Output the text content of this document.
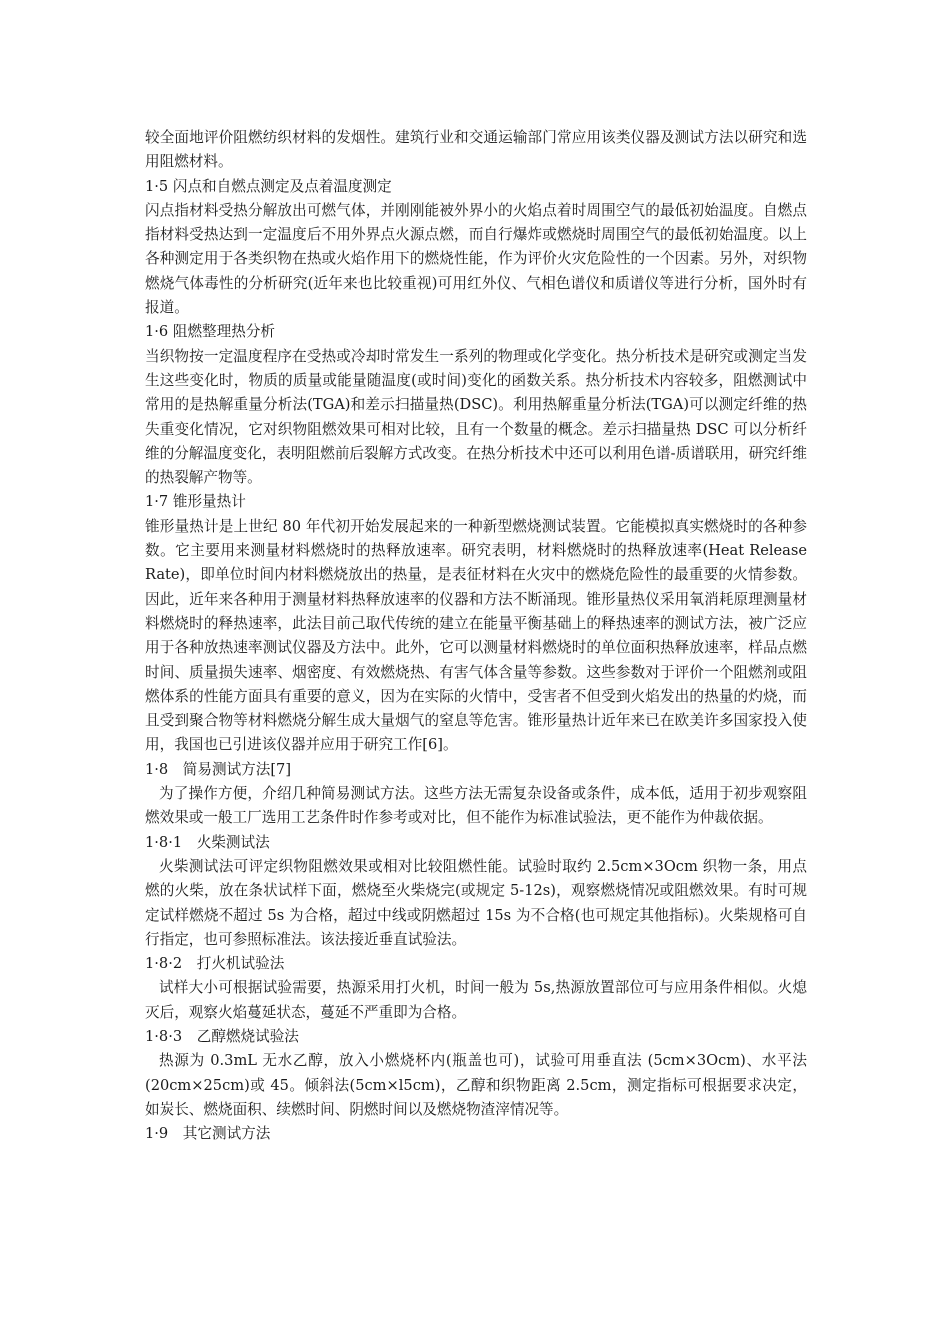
较全面地评价阻燃纺织材料的发烟性。建筑行业和交通运输部门常应用该类仪器及测试方法以研究和选用阻燃材料。

1·5 闪点和自燃点测定及点着温度测定

闪点指材料受热分解放出可燃气体，并刚刚能被外界小的火焰点着时周围空气的最低初始温度。自燃点指材料受热达到一定温度后不用外界点火源点燃，而自行爆炸或燃烧时周围空气的最低初始温度。以上各种测定用于各类织物在热或火焰作用下的燃烧性能，作为评价火灾危险性的一个因素。另外，对织物燃烧气体毒性的分析研究(近年来也比较重视)可用红外仪、气相色谱仪和质谱仪等进行分析，国外时有报道。

1·6 阻燃整理热分析

当织物按一定温度程序在受热或冷却时常发生一系列的物理或化学变化。热分析技术是研究或测定当发生这些变化时，物质的质量或能量随温度(或时间)变化的函数关系。热分析技术内容较多，阻燃测试中常用的是热解重量分析法(TGA)和差示扫描量热(DSC)。利用热解重量分析法(TGA)可以测定纤维的热失重变化情况，它对织物阻燃效果可相对比较，且有一个数量的概念。差示扫描量热 DSC 可以分析纤维的分解温度变化，表明阻燃前后裂解方式改变。在热分析技术中还可以利用色谱-质谱联用，研究纤维的热裂解产物等。

1·7 锥形量热计

锥形量热计是上世纪 80 年代初开始发展起来的一种新型燃烧测试装置。它能模拟真实燃烧时的各种参数。它主要用来测量材料燃烧时的热释放速率。研究表明，材料燃烧时的热释放速率(Heat Release Rate)，即单位时间内材料燃烧放出的热量，是表征材料在火灾中的燃烧危险性的最重要的火情参数。因此，近年来各种用于测量材料热释放速率的仪器和方法不断涌现。锥形量热仪采用氧消耗原理测量材料燃烧时的释热速率，此法目前己取代传统的建立在能量平衡基础上的释热速率的测试方法，被广泛应用于各种放热速率测试仪器及方法中。此外，它可以测量材料燃烧时的单位面积热释放速率，样品点燃时间、质量损失速率、烟密度、有效燃烧热、有害气体含量等参数。这些参数对于评价一个阻燃剂或阻燃体系的性能方面具有重要的意义，因为在实际的火情中，受害者不但受到火焰发出的热量的灼烧，而且受到聚合物等材料燃烧分解生成大量烟气的窒息等危害。锥形量热计近年来已在欧美许多国家投入使用，我国也已引进该仪器并应用于研究工作[6]。

1·8　简易测试方法[7]

为了操作方便，介绍几种简易测试方法。这些方法无需复杂设备或条件，成本低，适用于初步观察阻燃效果或一般工厂选用工艺条件时作参考或对比，但不能作为标准试验法，更不能作为仲裁依据。

1·8·1　火柴测试法

火柴测试法可评定织物阻燃效果或相对比较阻燃性能。试验时取约 2.5cm×3Ocm 织物一条，用点燃的火柴，放在条状试样下面，燃烧至火柴烧完(或规定 5-12s)，观察燃烧情况或阻燃效果。有时可规定试样燃烧不超过 5s 为合格，超过中线或阴燃超过 15s 为不合格(也可规定其他指标)。火柴规格可自行指定，也可参照标准法。该法接近垂直试验法。

1·8·2　打火机试验法

试样大小可根据试验需要，热源采用打火机，时间一般为 5s,热源放置部位可与应用条件相似。火熄灭后，观察火焰蔓延状态，蔓延不严重即为合格。

1·8·3　乙醇燃烧试验法

热源为 0.3mL 无水乙醇，放入小燃烧杯内(瓶盖也可)，试验可用垂直法 (5cm×3Ocm)、水平法(20cm×25cm)或 45。倾斜法(5cm×l5cm)，乙醇和织物距离 2.5cm，测定指标可根据要求决定，如炭长、燃烧面积、续燃时间、阴燃时间以及燃烧物渣滓情况等。

1·9　其它测试方法
